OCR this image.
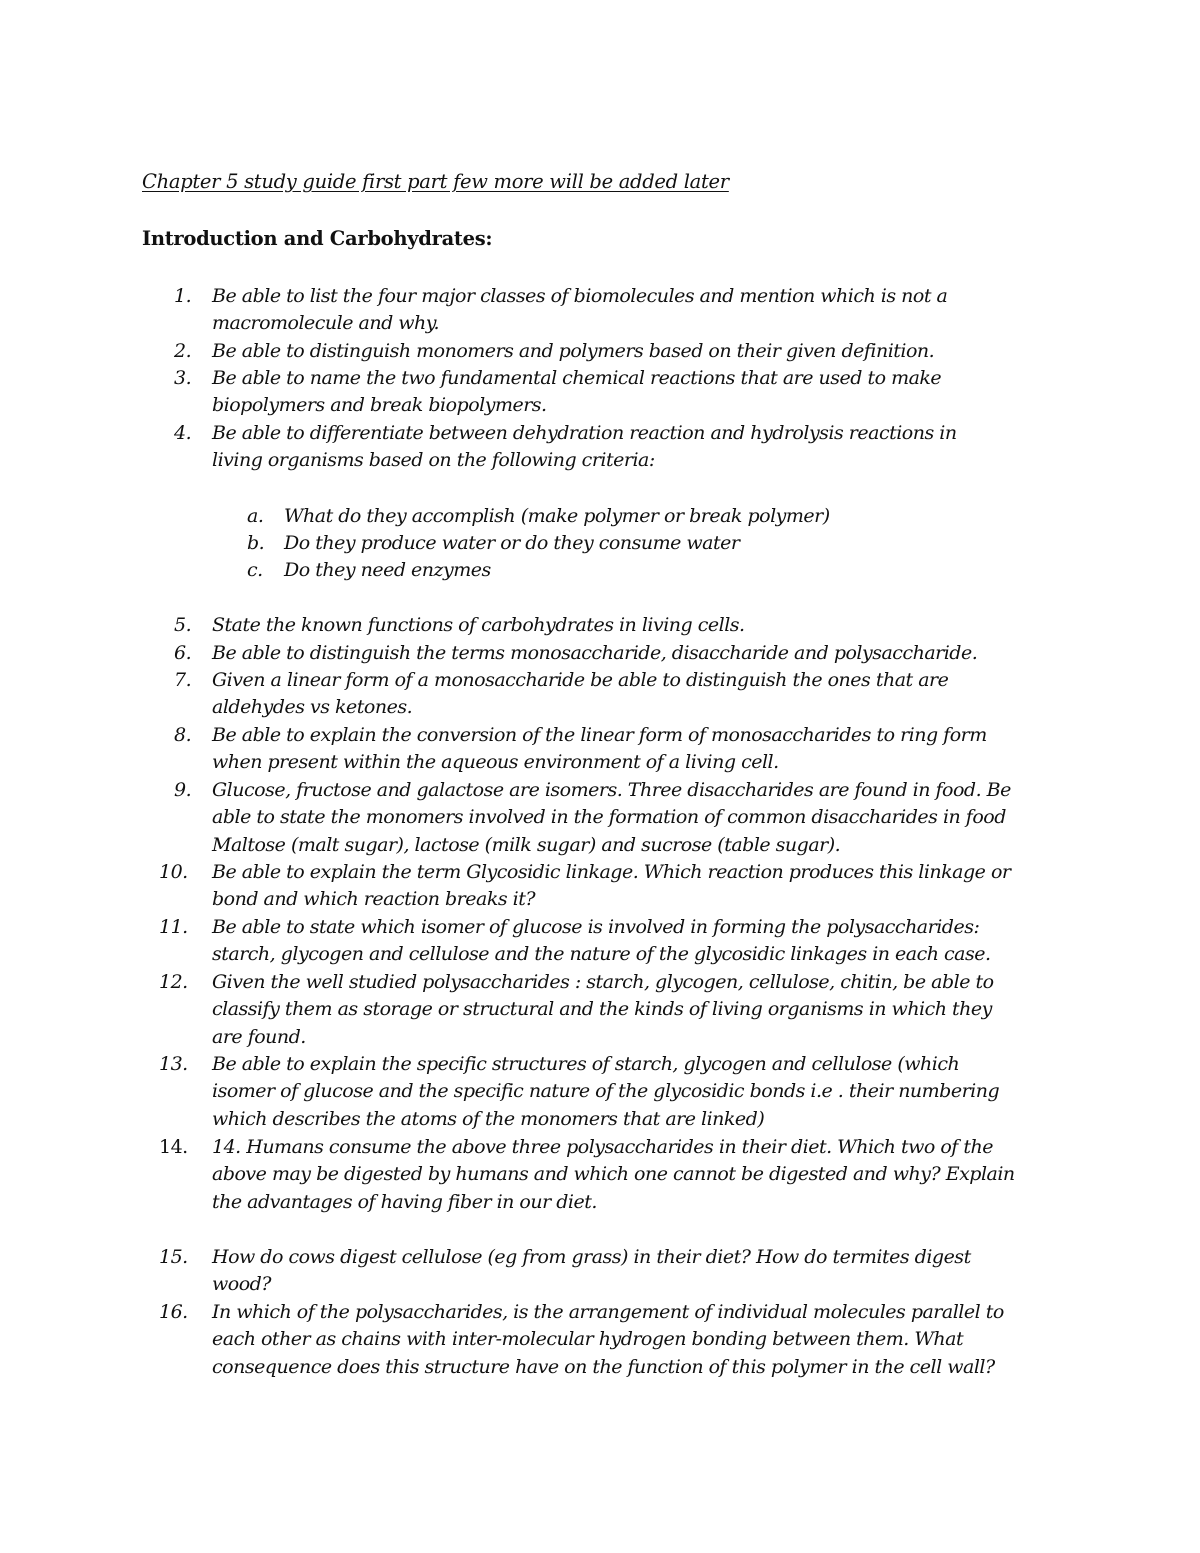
Chapter 5 study guide first part few more will be added later
Introduction and Carbohydrates:
1. Be able to list the four major classes of biomolecules and mention which is not a
macromolecule and why.
2. Be able to distinguish monomers and polymers based on their given definition.
3. Be able to name the two fundamental chemical reactions that are used to make
biopolymers and break biopolymers.
4. Be able to differentiate between dehydration reaction and hydrolysis reactions in
living organisms based on the following criteria:
5. State the known functions of carbohydrates in living cells.
6. Be able to distinguish the terms monosaccharide, disaccharide and polysaccharide.
7. Given a linear form of a monosaccharide be able to distinguish the ones that are
aldehydes vs ketones.
8. Be able to explain the conversion of the linear form of monosaccharides to ring form
when present within the aqueous environment of a living cell.
9. Glucose, fructose and galactose are isomers. Three disaccharides are found in food. Be
able to state the monomers involved in the formation of common disaccharides in food
Maltose (malt sugar), lactose (milk sugar) and sucrose (table sugar).
10. Be able to explain the term Glycosidic linkage. Which reaction produces this linkage or
bond and which reaction breaks it?
11. Be able to state which isomer of glucose is involved in forming the polysaccharides:
starch, glycogen and cellulose and the nature of the glycosidic linkages in each case.
12. Given the well studied polysaccharides : starch, glycogen, cellulose, chitin, be able to
classify them as storage or structural and the kinds of living organisms in which they
are found.
13. Be able to explain the specific structures of starch, glycogen and cellulose (which
isomer of glucose and the specific nature of the glycosidic bonds i.e . their numbering
which describes the atoms of the monomers that are linked)
14. 14. Humans consume the above three polysaccharides in their diet. Which two of the
above may be digested by humans and which one cannot be digested and why? Explain
the advantages of having fiber in our diet.
15. How do cows digest cellulose (eg from grass) in their diet? How do termites digest
wood?
16. In which of the polysaccharides, is the arrangement of individual molecules parallel to
each other as chains with inter-molecular hydrogen bonding between them. What
consequence does this structure have on the function of this polymer in the cell wall?
a. What do they accomplish (make polymer or break polymer)
b. Do they produce water or do they consume water
c. Do they need enzymes
